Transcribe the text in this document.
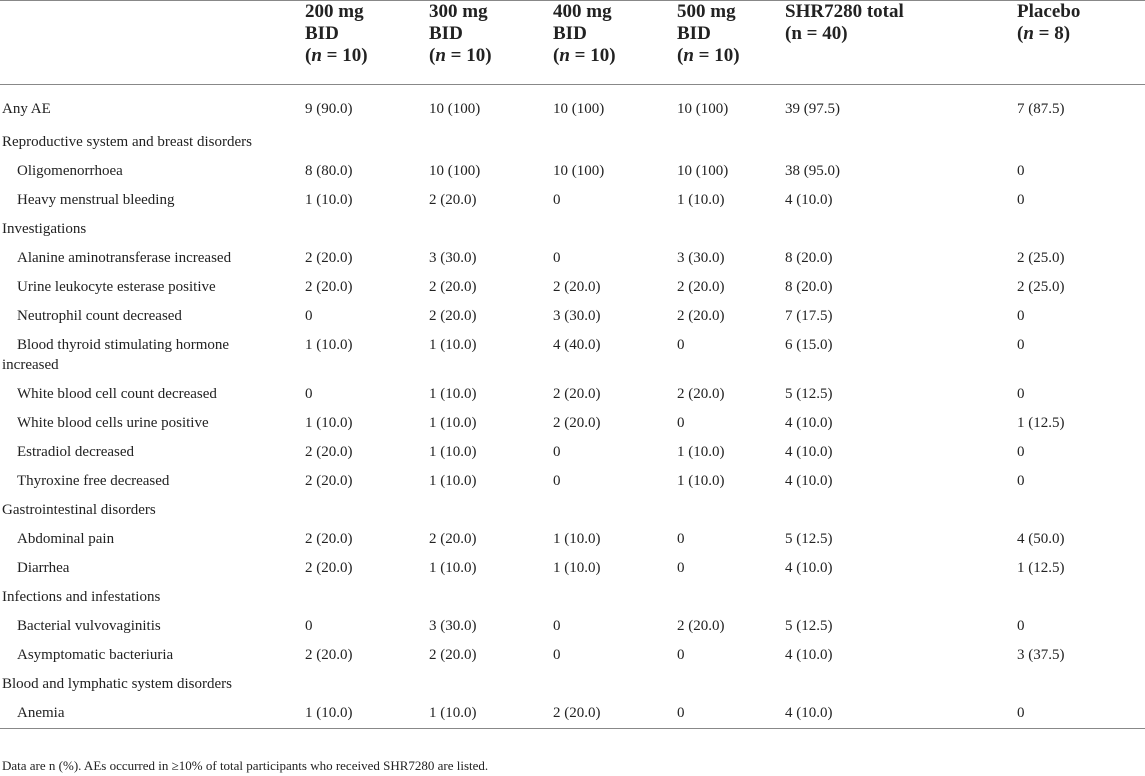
	200 mg
BID
(n = 10)	300 mg
BID
(n = 10)	400 mg
BID
(n = 10)	500 mg
BID
(n = 10)	SHR7280 total
(n = 40)	Placebo
(n = 8)

Any AE	9 (90.0)	10 (100)	10 (100)	10 (100)	39 (97.5)	7 (87.5)
Reproductive system and breast disorders						
Oligomenorrhoea	8 (80.0)	10 (100)	10 (100)	10 (100)	38 (95.0)	0
Heavy menstrual bleeding	1 (10.0)	2 (20.0)	0	1 (10.0)	4 (10.0)	0
Investigations						
Alanine aminotransferase increased	2 (20.0)	3 (30.0)	0	3 (30.0)	8 (20.0)	2 (25.0)
Urine leukocyte esterase positive	2 (20.0)	2 (20.0)	2 (20.0)	2 (20.0)	8 (20.0)	2 (25.0)
Neutrophil count decreased	0	2 (20.0)	3 (30.0)	2 (20.0)	7 (17.5)	0
Blood thyroid stimulating hormone
increased	1 (10.0)	1 (10.0)	4 (40.0)	0	6 (15.0)	0
White blood cell count decreased	0	1 (10.0)	2 (20.0)	2 (20.0)	5 (12.5)	0
White blood cells urine positive	1 (10.0)	1 (10.0)	2 (20.0)	0	4 (10.0)	1 (12.5)
Estradiol decreased	2 (20.0)	1 (10.0)	0	1 (10.0)	4 (10.0)	0
Thyroxine free decreased	2 (20.0)	1 (10.0)	0	1 (10.0)	4 (10.0)	0
Gastrointestinal disorders						
Abdominal pain	2 (20.0)	2 (20.0)	1 (10.0)	0	5 (12.5)	4 (50.0)
Diarrhea	2 (20.0)	1 (10.0)	1 (10.0)	0	4 (10.0)	1 (12.5)
Infections and infestations						
Bacterial vulvovaginitis	0	3 (30.0)	0	2 (20.0)	5 (12.5)	0
Asymptomatic bacteriuria	2 (20.0)	2 (20.0)	0	0	4 (10.0)	3 (37.5)
Blood and lymphatic system disorders						
Anemia	1 (10.0)	1 (10.0)	2 (20.0)	0	4 (10.0)	0
Data are n (%). AEs occurred in ≥10% of total participants who received SHR7280 are listed.
